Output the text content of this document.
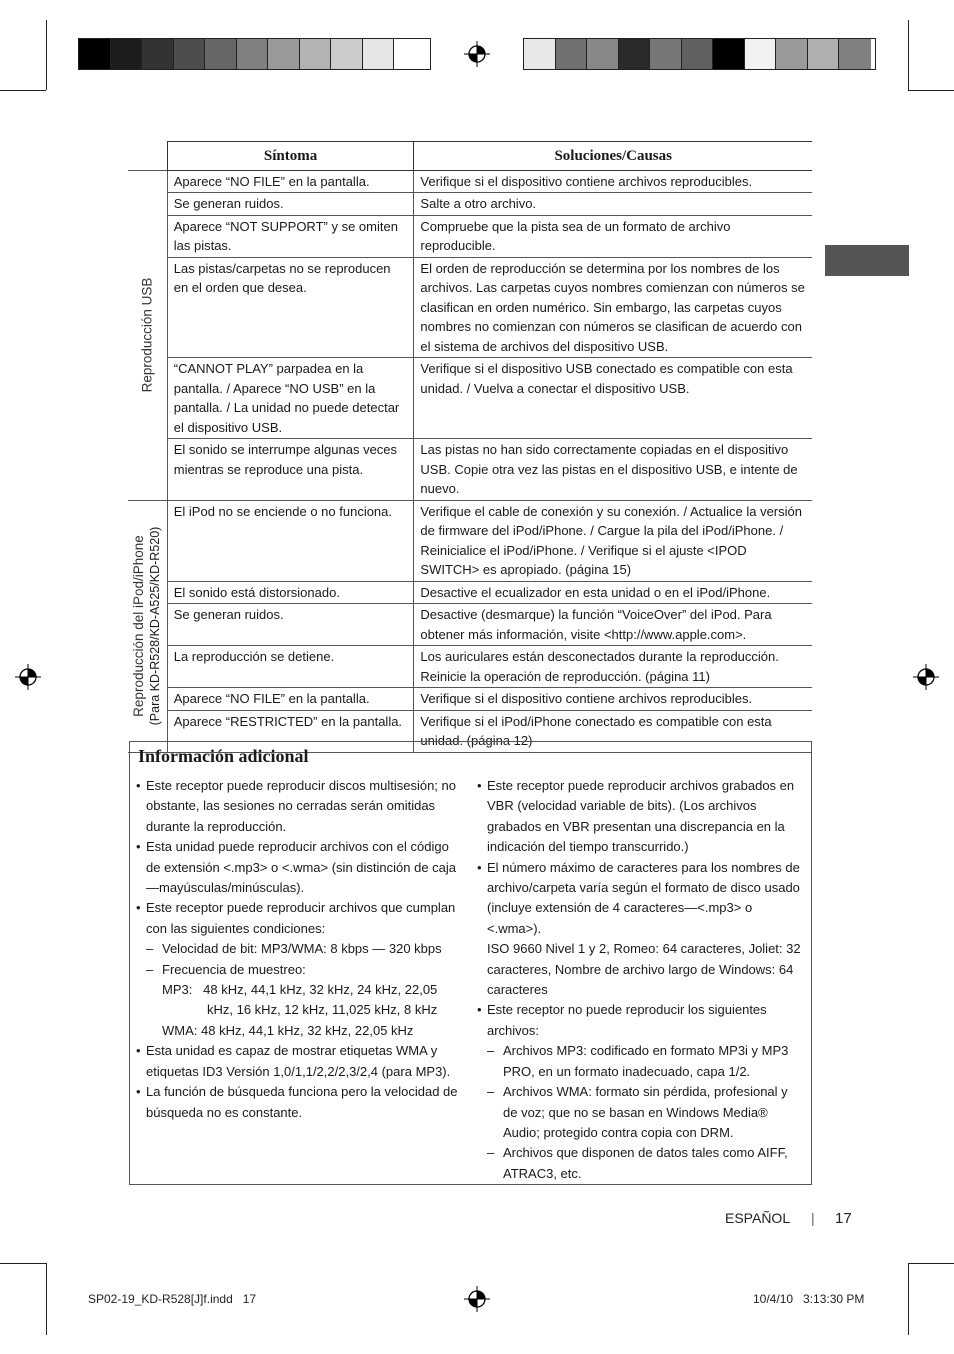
	Síntoma	Soluciones/Causas

Reproducción USB	Aparece “NO FILE” en la pantalla.	Verifique si el dispositivo contiene archivos reproducibles.
	Se generan ruidos.	Salte a otro archivo.
	Aparece “NOT SUPPORT” y se omiten las pistas.	Compruebe que la pista sea de un formato de archivo reproducible.
	Las pistas/carpetas no se reproducen en el orden que desea.	El orden de reproducción se determina por los nombres de los archivos. Las carpetas cuyos nombres comienzan con números se clasifican en orden numérico. Sin embargo, las carpetas cuyos nombres no comienzan con números se clasifican de acuerdo con el sistema de archivos del dispositivo USB.
	“CANNOT PLAY” parpadea en la pantalla. / Aparece “NO USB” en la pantalla. / La unidad no puede detectar el dispositivo USB.	Verifique si el dispositivo USB conectado es compatible con esta unidad. / Vuelva a conectar el dispositivo USB.
	El sonido se interrumpe algunas veces mientras se reproduce una pista.	Las pistas no han sido correctamente copiadas en el dispositivo USB. Copie otra vez las pistas en el dispositivo USB, e intente de nuevo.

Reproducción del iPod/iPhone (Para KD-R528/KD-A525/KD-R520)	El iPod no se enciende o no funciona.	Verifique el cable de conexión y su conexión. / Actualice la versión de firmware del iPod/iPhone. / Cargue la pila del iPod/iPhone. / Reinicialice el iPod/iPhone. / Verifique si el ajuste <IPOD SWITCH> es apropiado. (página 15)
	El sonido está distorsionado.	Desactive el ecualizador en esta unidad o en el iPod/iPhone.
	Se generan ruidos.	Desactive (desmarque) la función “VoiceOver” del iPod. Para obtener más información, visite <http://www.apple.com>.
	La reproducción se detiene.	Los auriculares están desconectados durante la reproducción. Reinicie la operación de reproducción. (página 11)
	Aparece “NO FILE” en la pantalla.	Verifique si el dispositivo contiene archivos reproducibles.
	Aparece “RESTRICTED” en la pantalla.	Verifique si el iPod/iPhone conectado es compatible con esta unidad. (página 12)
Información adicional
• Este receptor puede reproducir discos multisesión; no obstante, las sesiones no cerradas serán omitidas durante la reproducción.
• Esta unidad puede reproducir archivos con el código de extensión <.mp3> o <.wma> (sin distinción de caja—mayúsculas/minúsculas).
• Este receptor puede reproducir archivos que cumplan con las siguientes condiciones:
– Velocidad de bit: MP3/WMA: 8 kbps — 320 kbps
– Frecuencia de muestreo:
MP3:   48 kHz, 44,1 kHz, 32 kHz, 24 kHz, 22,05 kHz, 16 kHz, 12 kHz, 11,025 kHz, 8 kHz
WMA: 48 kHz, 44,1 kHz, 32 kHz, 22,05 kHz
• Esta unidad es capaz de mostrar etiquetas WMA y etiquetas ID3 Versión 1,0/1,1/2,2/2,3/2,4 (para MP3).
• La función de búsqueda funciona pero la velocidad de búsqueda no es constante.
• Este receptor puede reproducir archivos grabados en VBR (velocidad variable de bits). (Los archivos grabados en VBR presentan una discrepancia en la indicación del tiempo transcurrido.)
• El número máximo de caracteres para los nombres de archivo/carpeta varía según el formato de disco usado (incluye extensión de 4 caracteres—<.mp3> o <.wma>).
ISO 9660 Nivel 1 y 2, Romeo: 64 caracteres, Joliet: 32 caracteres, Nombre de archivo largo de Windows: 64 caracteres
• Este receptor no puede reproducir los siguientes archivos:
– Archivos MP3: codificado en formato MP3i y MP3 PRO, en un formato inadecuado, capa 1/2.
– Archivos WMA: formato sin pérdida, profesional y de voz; que no se basan en Windows Media® Audio; protegido contra copia con DRM.
– Archivos que disponen de datos tales como AIFF, ATRAC3, etc.
ESPAÑOL | 17
SP02-19_KD-R528[J]f.indd   17	10/4/10   3:13:30 PM
